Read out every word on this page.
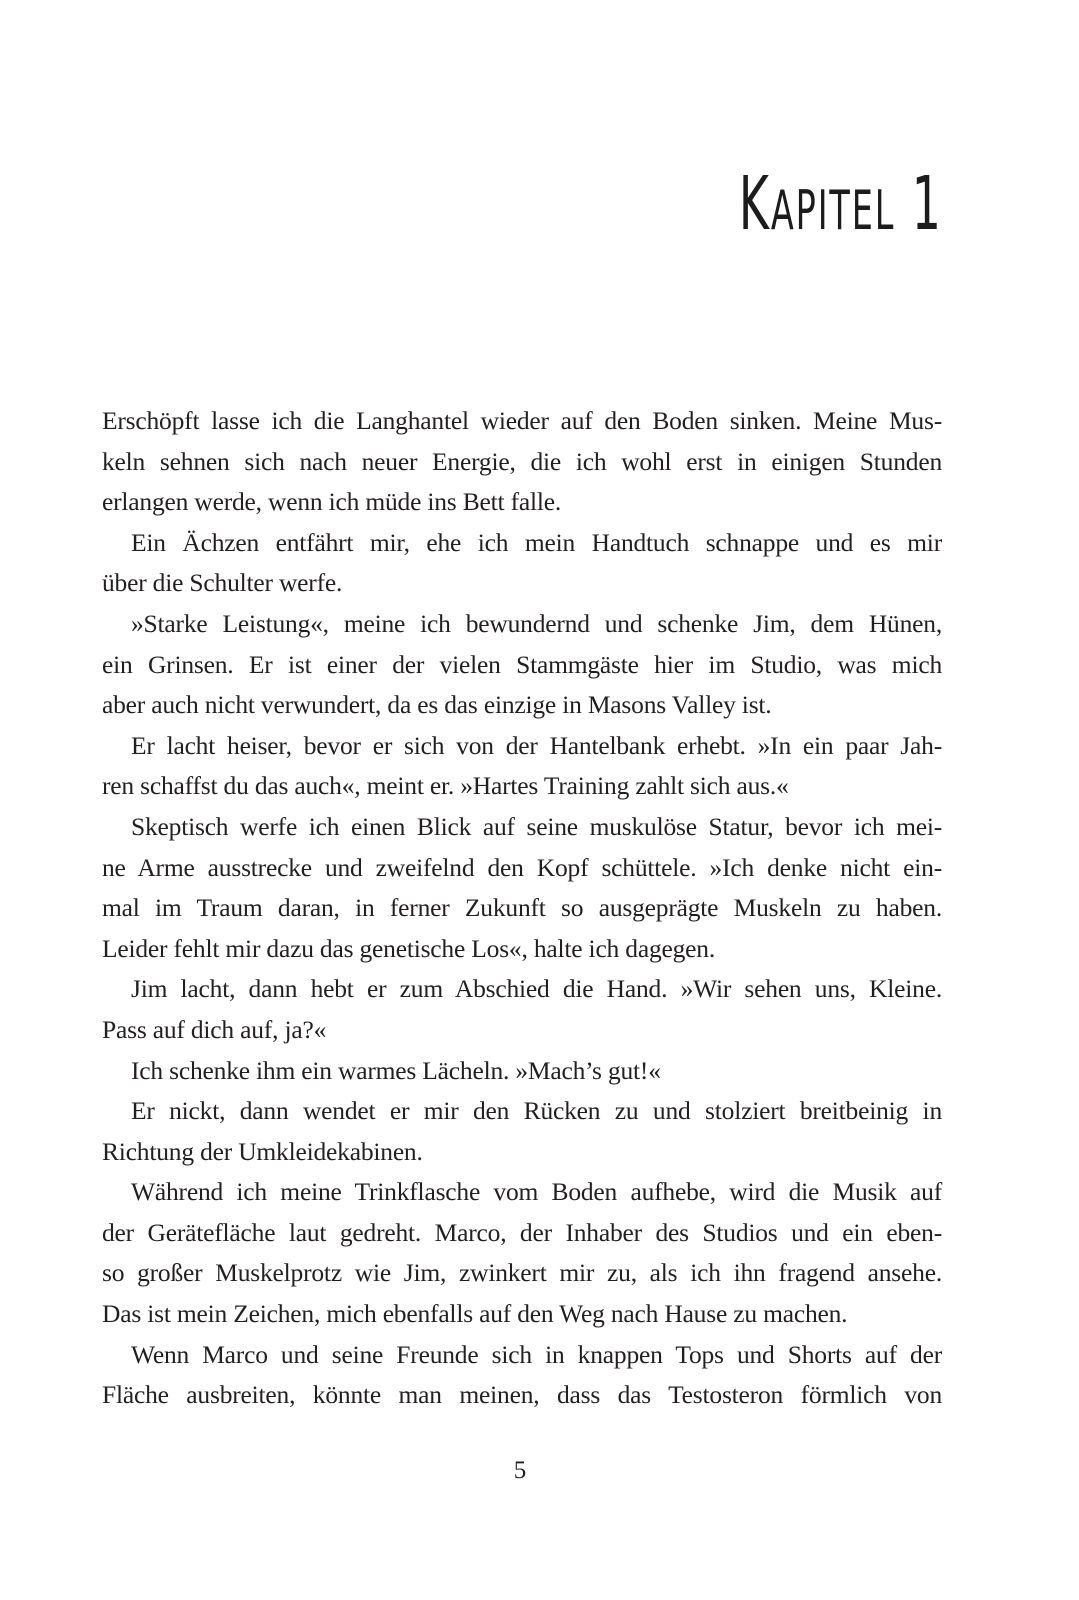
KAPITEL 1
Erschöpft lasse ich die Langhantel wieder auf den Boden sinken. Meine Mus-
keln sehnen sich nach neuer Energie, die ich wohl erst in einigen Stunden
erlangen werde, wenn ich müde ins Bett falle.
Ein Ächzen entfährt mir, ehe ich mein Handtuch schnappe und es mir
über die Schulter werfe.
»Starke Leistung«, meine ich bewundernd und schenke Jim, dem Hünen,
ein Grinsen. Er ist einer der vielen Stammgäste hier im Studio, was mich
aber auch nicht verwundert, da es das einzige in Masons Valley ist.
Er lacht heiser, bevor er sich von der Hantelbank erhebt. »In ein paar Jah-
ren schaffst du das auch«, meint er. »Hartes Training zahlt sich aus.«
Skeptisch werfe ich einen Blick auf seine muskulöse Statur, bevor ich mei-
ne Arme ausstrecke und zweifelnd den Kopf schüttele. »Ich denke nicht ein-
mal im Traum daran, in ferner Zukunft so ausgeprägte Muskeln zu haben.
Leider fehlt mir dazu das genetische Los«, halte ich dagegen.
Jim lacht, dann hebt er zum Abschied die Hand. »Wir sehen uns, Kleine.
Pass auf dich auf, ja?«
Ich schenke ihm ein warmes Lächeln. »Mach’s gut!«
Er nickt, dann wendet er mir den Rücken zu und stolziert breitbeinig in
Richtung der Umkleidekabinen.
Während ich meine Trinkflasche vom Boden aufhebe, wird die Musik auf
der Gerätefläche laut gedreht. Marco, der Inhaber des Studios und ein eben-
so großer Muskelprotz wie Jim, zwinkert mir zu, als ich ihn fragend ansehe.
Das ist mein Zeichen, mich ebenfalls auf den Weg nach Hause zu machen.
Wenn Marco und seine Freunde sich in knappen Tops und Shorts auf der
Fläche ausbreiten, könnte man meinen, dass das Testosteron förmlich von
5
